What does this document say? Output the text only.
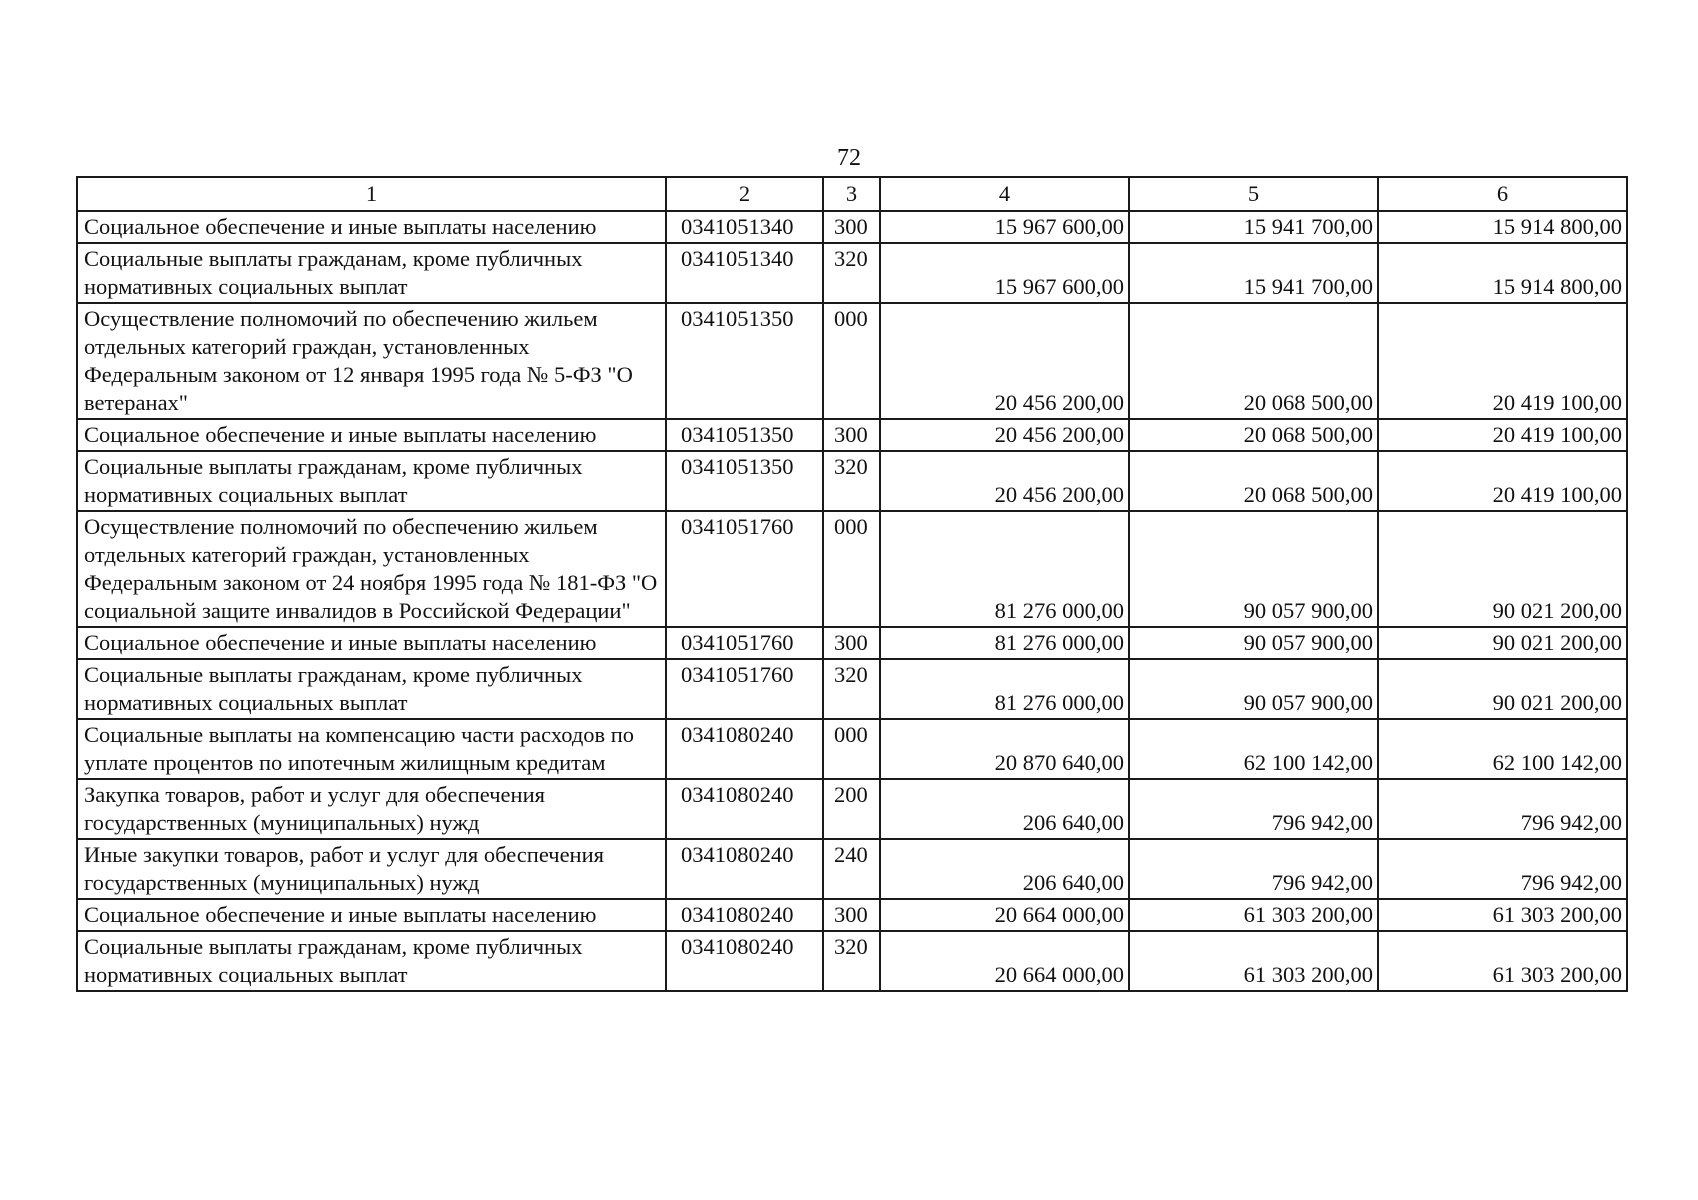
72
1	2	3	4	5	6
Социальное обеспечение и иные выплаты населению	0341051340	300	15 967 600,00	15 941 700,00	15 914 800,00
Социальные выплаты гражданам, кроме публичных нормативных социальных выплат	0341051340	320	15 967 600,00	15 941 700,00	15 914 800,00
Осуществление полномочий по обеспечению жильем отдельных категорий граждан, установленных Федеральным законом от 12 января 1995 года № 5-ФЗ "О ветеранах"	0341051350	000	20 456 200,00	20 068 500,00	20 419 100,00
Социальное обеспечение и иные выплаты населению	0341051350	300	20 456 200,00	20 068 500,00	20 419 100,00
Социальные выплаты гражданам, кроме публичных нормативных социальных выплат	0341051350	320	20 456 200,00	20 068 500,00	20 419 100,00
Осуществление полномочий по обеспечению жильем отдельных категорий граждан, установленных Федеральным законом от 24 ноября 1995 года № 181-ФЗ "О социальной защите инвалидов в Российской Федерации"	0341051760	000	81 276 000,00	90 057 900,00	90 021 200,00
Социальное обеспечение и иные выплаты населению	0341051760	300	81 276 000,00	90 057 900,00	90 021 200,00
Социальные выплаты гражданам, кроме публичных нормативных социальных выплат	0341051760	320	81 276 000,00	90 057 900,00	90 021 200,00
Социальные выплаты на компенсацию части расходов по уплате процентов по ипотечным жилищным кредитам	0341080240	000	20 870 640,00	62 100 142,00	62 100 142,00
Закупка товаров, работ и услуг для обеспечения государственных (муниципальных) нужд	0341080240	200	206 640,00	796 942,00	796 942,00
Иные закупки товаров, работ и услуг для обеспечения государственных (муниципальных) нужд	0341080240	240	206 640,00	796 942,00	796 942,00
Социальное обеспечение и иные выплаты населению	0341080240	300	20 664 000,00	61 303 200,00	61 303 200,00
Социальные выплаты гражданам, кроме публичных нормативных социальных выплат	0341080240	320	20 664 000,00	61 303 200,00	61 303 200,00
